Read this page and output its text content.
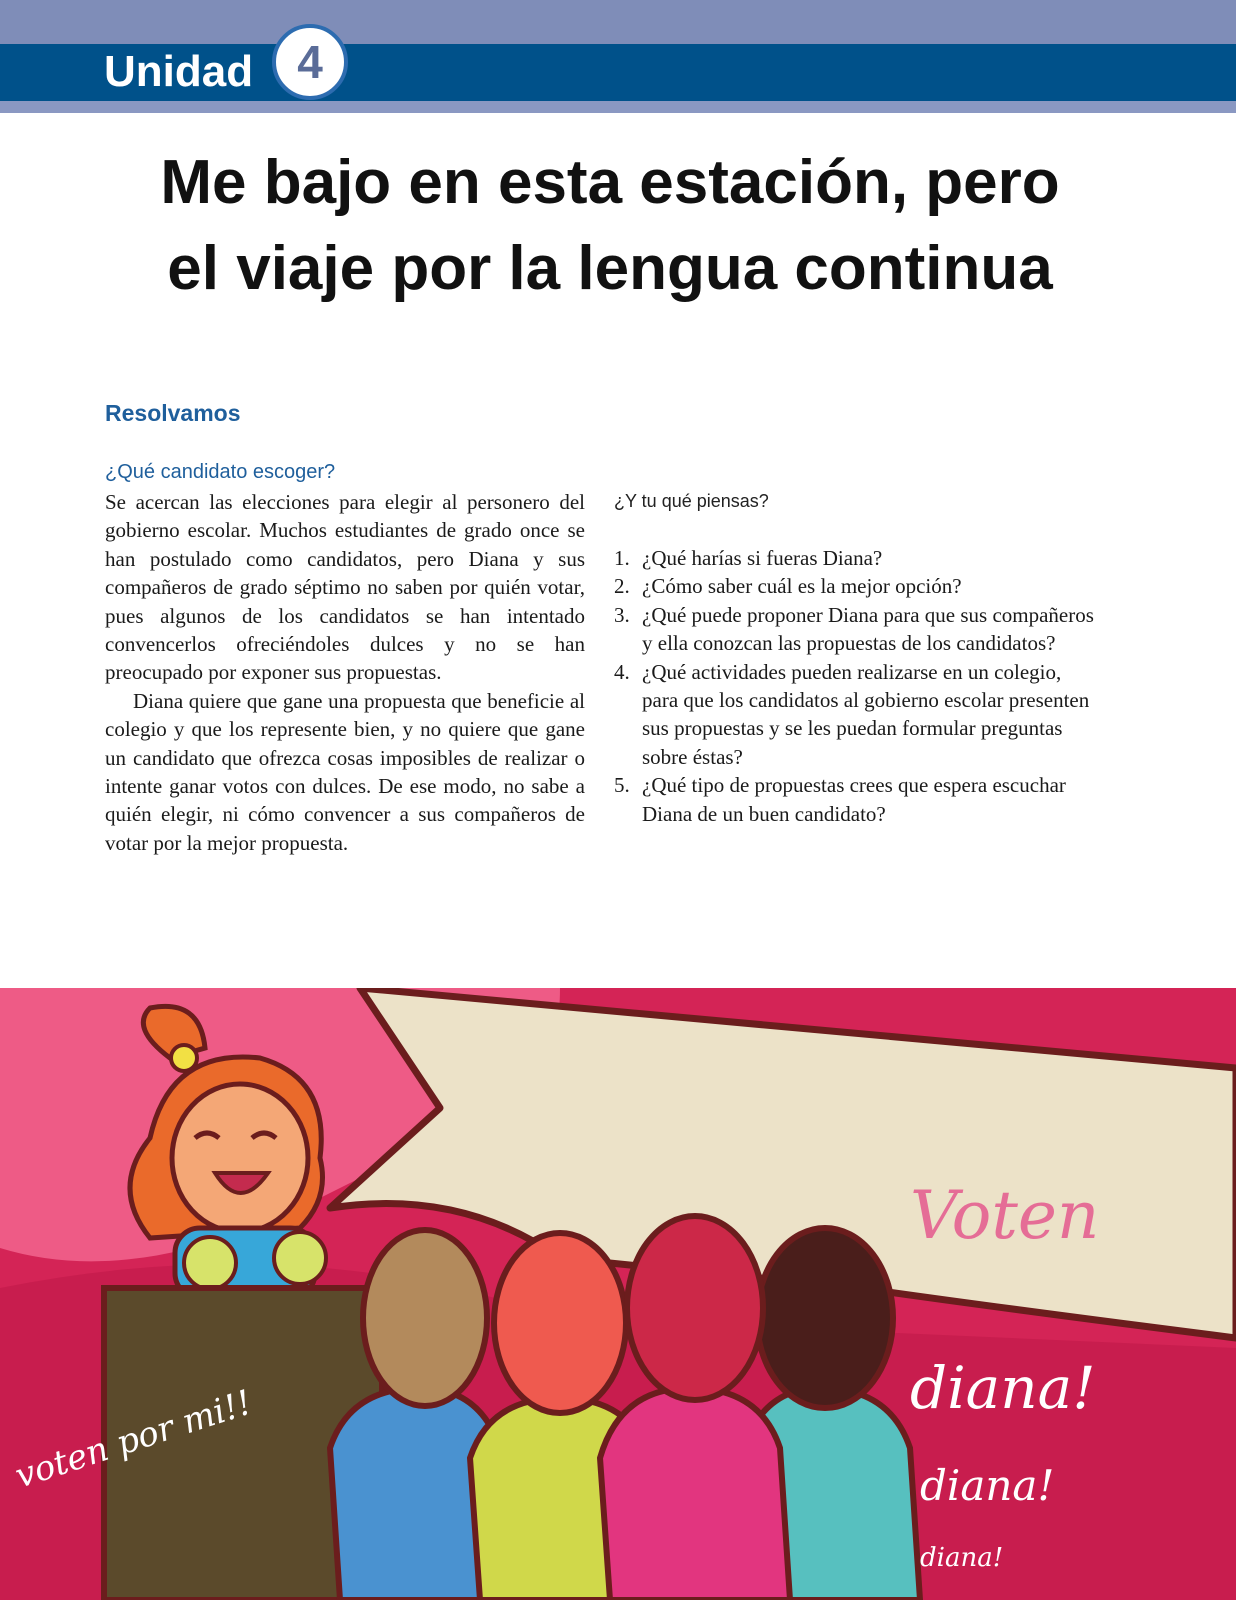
Unidad 4
Me bajo en esta estación, pero
el viaje por la lengua continua
Resolvamos
¿Qué candidato escoger?

Se acercan las elecciones para elegir al personero del gobierno escolar. Muchos estudiantes de grado once se han postulado como candidatos, pero Diana y sus compañeros de grado séptimo no saben por quién votar, pues algunos de los candidatos se han intentado convencerlos ofreciéndoles dulces y no se han preocupado por exponer sus propuestas.

Diana quiere que gane una propuesta que beneficie al colegio y que los represente bien, y no quiere que gane un candidato que ofrezca cosas imposibles de realizar o intente ganar votos con dulces. De ese modo, no sabe a quién elegir, ni cómo convencer a sus compañeros de votar por la mejor propuesta.

¿Y tu qué piensas?
1. ¿Qué harías si fueras Diana?
2. ¿Cómo saber cuál es la mejor opción?
3. ¿Qué puede proponer Diana para que sus compañeros y ella conozcan las propuestas de los candidatos?
4. ¿Qué actividades pueden realizarse en un colegio, para que los candidatos al gobierno escolar presenten sus propuestas y se les puedan formular preguntas sobre éstas?
5. ¿Qué tipo de propuestas crees que espera escuchar Diana de un buen candidato?
Voten
voten por mi!!	diana!
diana!
diana!
